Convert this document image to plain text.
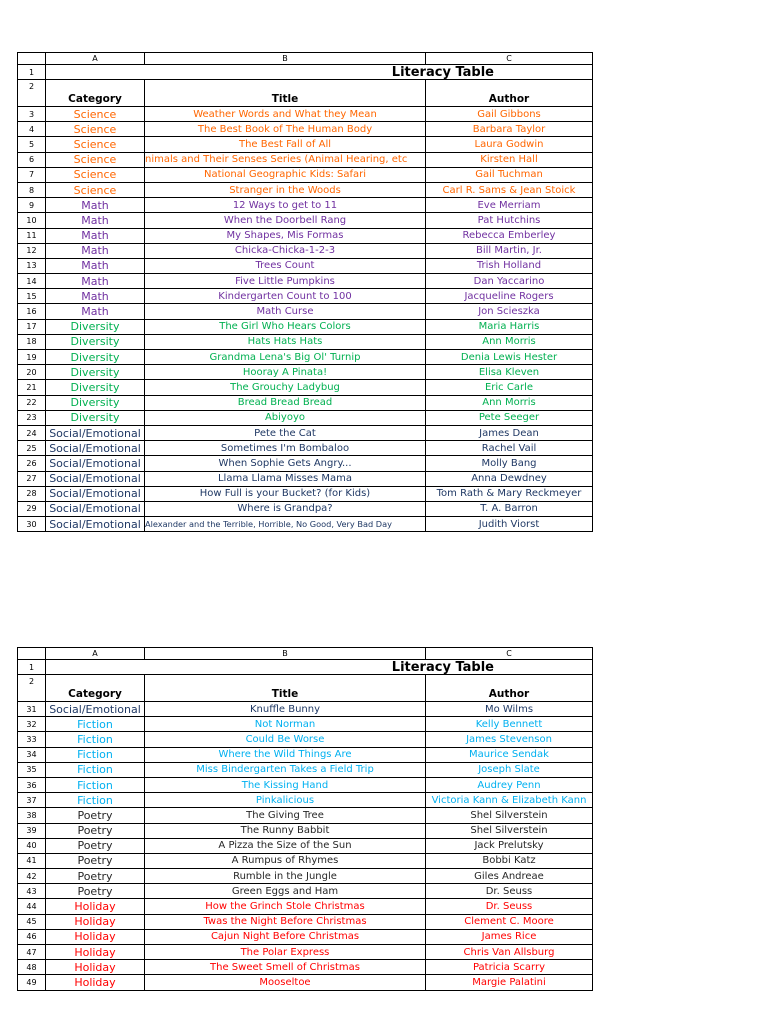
	A	B	C
1	Literacy Table		
2	Category	Title	Author
3	Science	Weather Words and What they Mean	Gail Gibbons
4	Science	The Best Book of The Human Body	Barbara Taylor
5	Science	The Best Fall of All	Laura Godwin
6	Science	nimals and Their Senses Series (Animal Hearing, etc	Kirsten Hall
7	Science	National Geographic Kids: Safari	Gail Tuchman
8	Science	Stranger in the Woods	Carl R. Sams & Jean Stoick
9	Math	12 Ways to get to 11	Eve Merriam
10	Math	When the Doorbell Rang	Pat Hutchins
11	Math	My Shapes, Mis Formas	Rebecca Emberley
12	Math	Chicka-Chicka-1-2-3	Bill Martin, Jr.
13	Math	Trees Count	Trish Holland
14	Math	Five Little Pumpkins	Dan Yaccarino
15	Math	Kindergarten Count to 100	Jacqueline Rogers
16	Math	Math Curse	Jon Scieszka
17	Diversity	The Girl Who Hears Colors	Maria Harris
18	Diversity	Hats Hats Hats	Ann Morris
19	Diversity	Grandma Lena's Big Ol' Turnip	Denia Lewis Hester
20	Diversity	Hooray A Pinata!	Elisa Kleven
21	Diversity	The Grouchy Ladybug	Eric Carle
22	Diversity	Bread Bread Bread	Ann Morris
23	Diversity	Abiyoyo	Pete Seeger
24	Social/Emotional	Pete the Cat	James Dean
25	Social/Emotional	Sometimes I'm Bombaloo	Rachel Vail
26	Social/Emotional	When Sophie Gets Angry...	Molly Bang
27	Social/Emotional	Llama Llama Misses Mama	Anna Dewdney
28	Social/Emotional	How Full is your Bucket? (for Kids)	Tom Rath & Mary Reckmeyer
29	Social/Emotional	Where is Grandpa?	T. A. Barron
30	Social/Emotional	Alexander and the Terrible, Horrible, No Good, Very Bad Day	Judith Viorst
	A	B	C
1	Literacy Table		
2	Category	Title	Author
31	Social/Emotional	Knuffle Bunny	Mo Wilms
32	Fiction	Not Norman	Kelly Bennett
33	Fiction	Could Be Worse	James Stevenson
34	Fiction	Where the Wild Things Are	Maurice Sendak
35	Fiction	Miss Bindergarten Takes a Field Trip	Joseph Slate
36	Fiction	The Kissing Hand	Audrey Penn
37	Fiction	Pinkalicious	Victoria Kann & Elizabeth Kann
38	Poetry	The Giving Tree	Shel Silverstein
39	Poetry	The Runny Babbit	Shel Silverstein
40	Poetry	A Pizza the Size of the Sun	Jack Prelutsky
41	Poetry	A Rumpus of Rhymes	Bobbi Katz
42	Poetry	Rumble in the Jungle	Giles Andreae
43	Poetry	Green Eggs and Ham	Dr. Seuss
44	Holiday	How the Grinch Stole Christmas	Dr. Seuss
45	Holiday	Twas the Night Before Christmas	Clement C. Moore
46	Holiday	Cajun Night Before Christmas	James Rice
47	Holiday	The Polar Express	Chris Van Allsburg
48	Holiday	The Sweet Smell of Christmas	Patricia Scarry
49	Holiday	Mooseltoe	Margie Palatini
